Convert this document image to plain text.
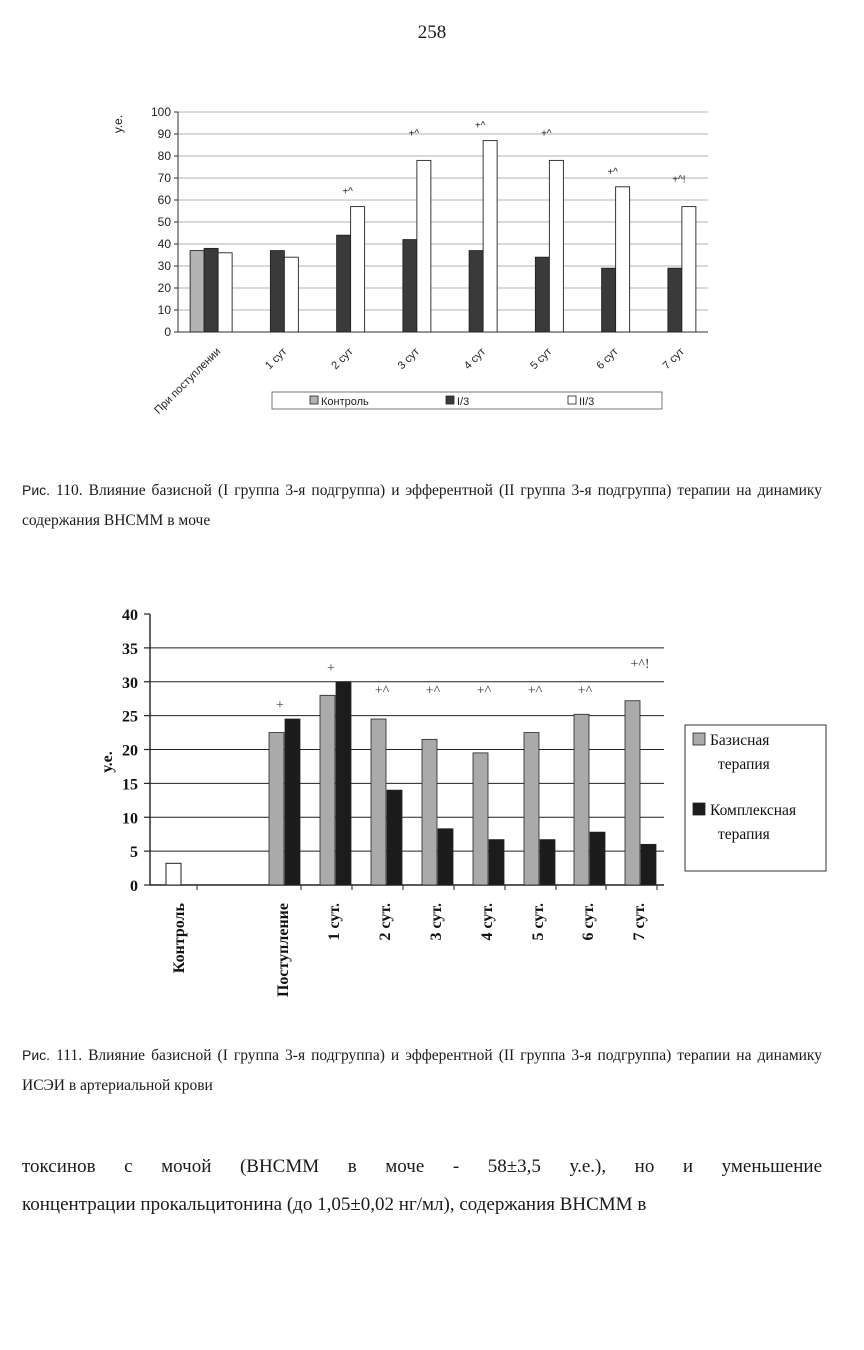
258
0
10
20
30
40
50
60
70
80
90
100
у.е.
При поступлении	1 сут
+^
2 сут
+^
3 сут
+^
4 сут
+^
5 сут
+^
6 сут
+^!
7 сут
Контроль	I/3	II/3
Рис. 110. Влияние базисной (I группа 3-я подгруппа) и эфферентной (II группа 3-я подгруппа) терапии на динамику содержания ВНСММ в моче
0
5
10
15
20
25
30
35
40
у.е.
Контроль
+
Поступление
+
1 сут.
+^
2 сут.
+^
3 сут.
+^
4 сут.
+^
5 сут.
+^
6 сут.
+^!
7 сут.
Базисная терапия
Комплексная терапия
Рис. 111. Влияние базисной (I группа 3-я подгруппа) и эфферентной (II группа 3-я подгруппа) терапии на динамику ИСЭИ в артериальной крови
токсинов с мочой (ВНСММ в моче - 58±3,5 у.е.), но и уменьшение
концентрации прокальцитонина (до 1,05±0,02 нг/мл), содержания ВНСММ в
